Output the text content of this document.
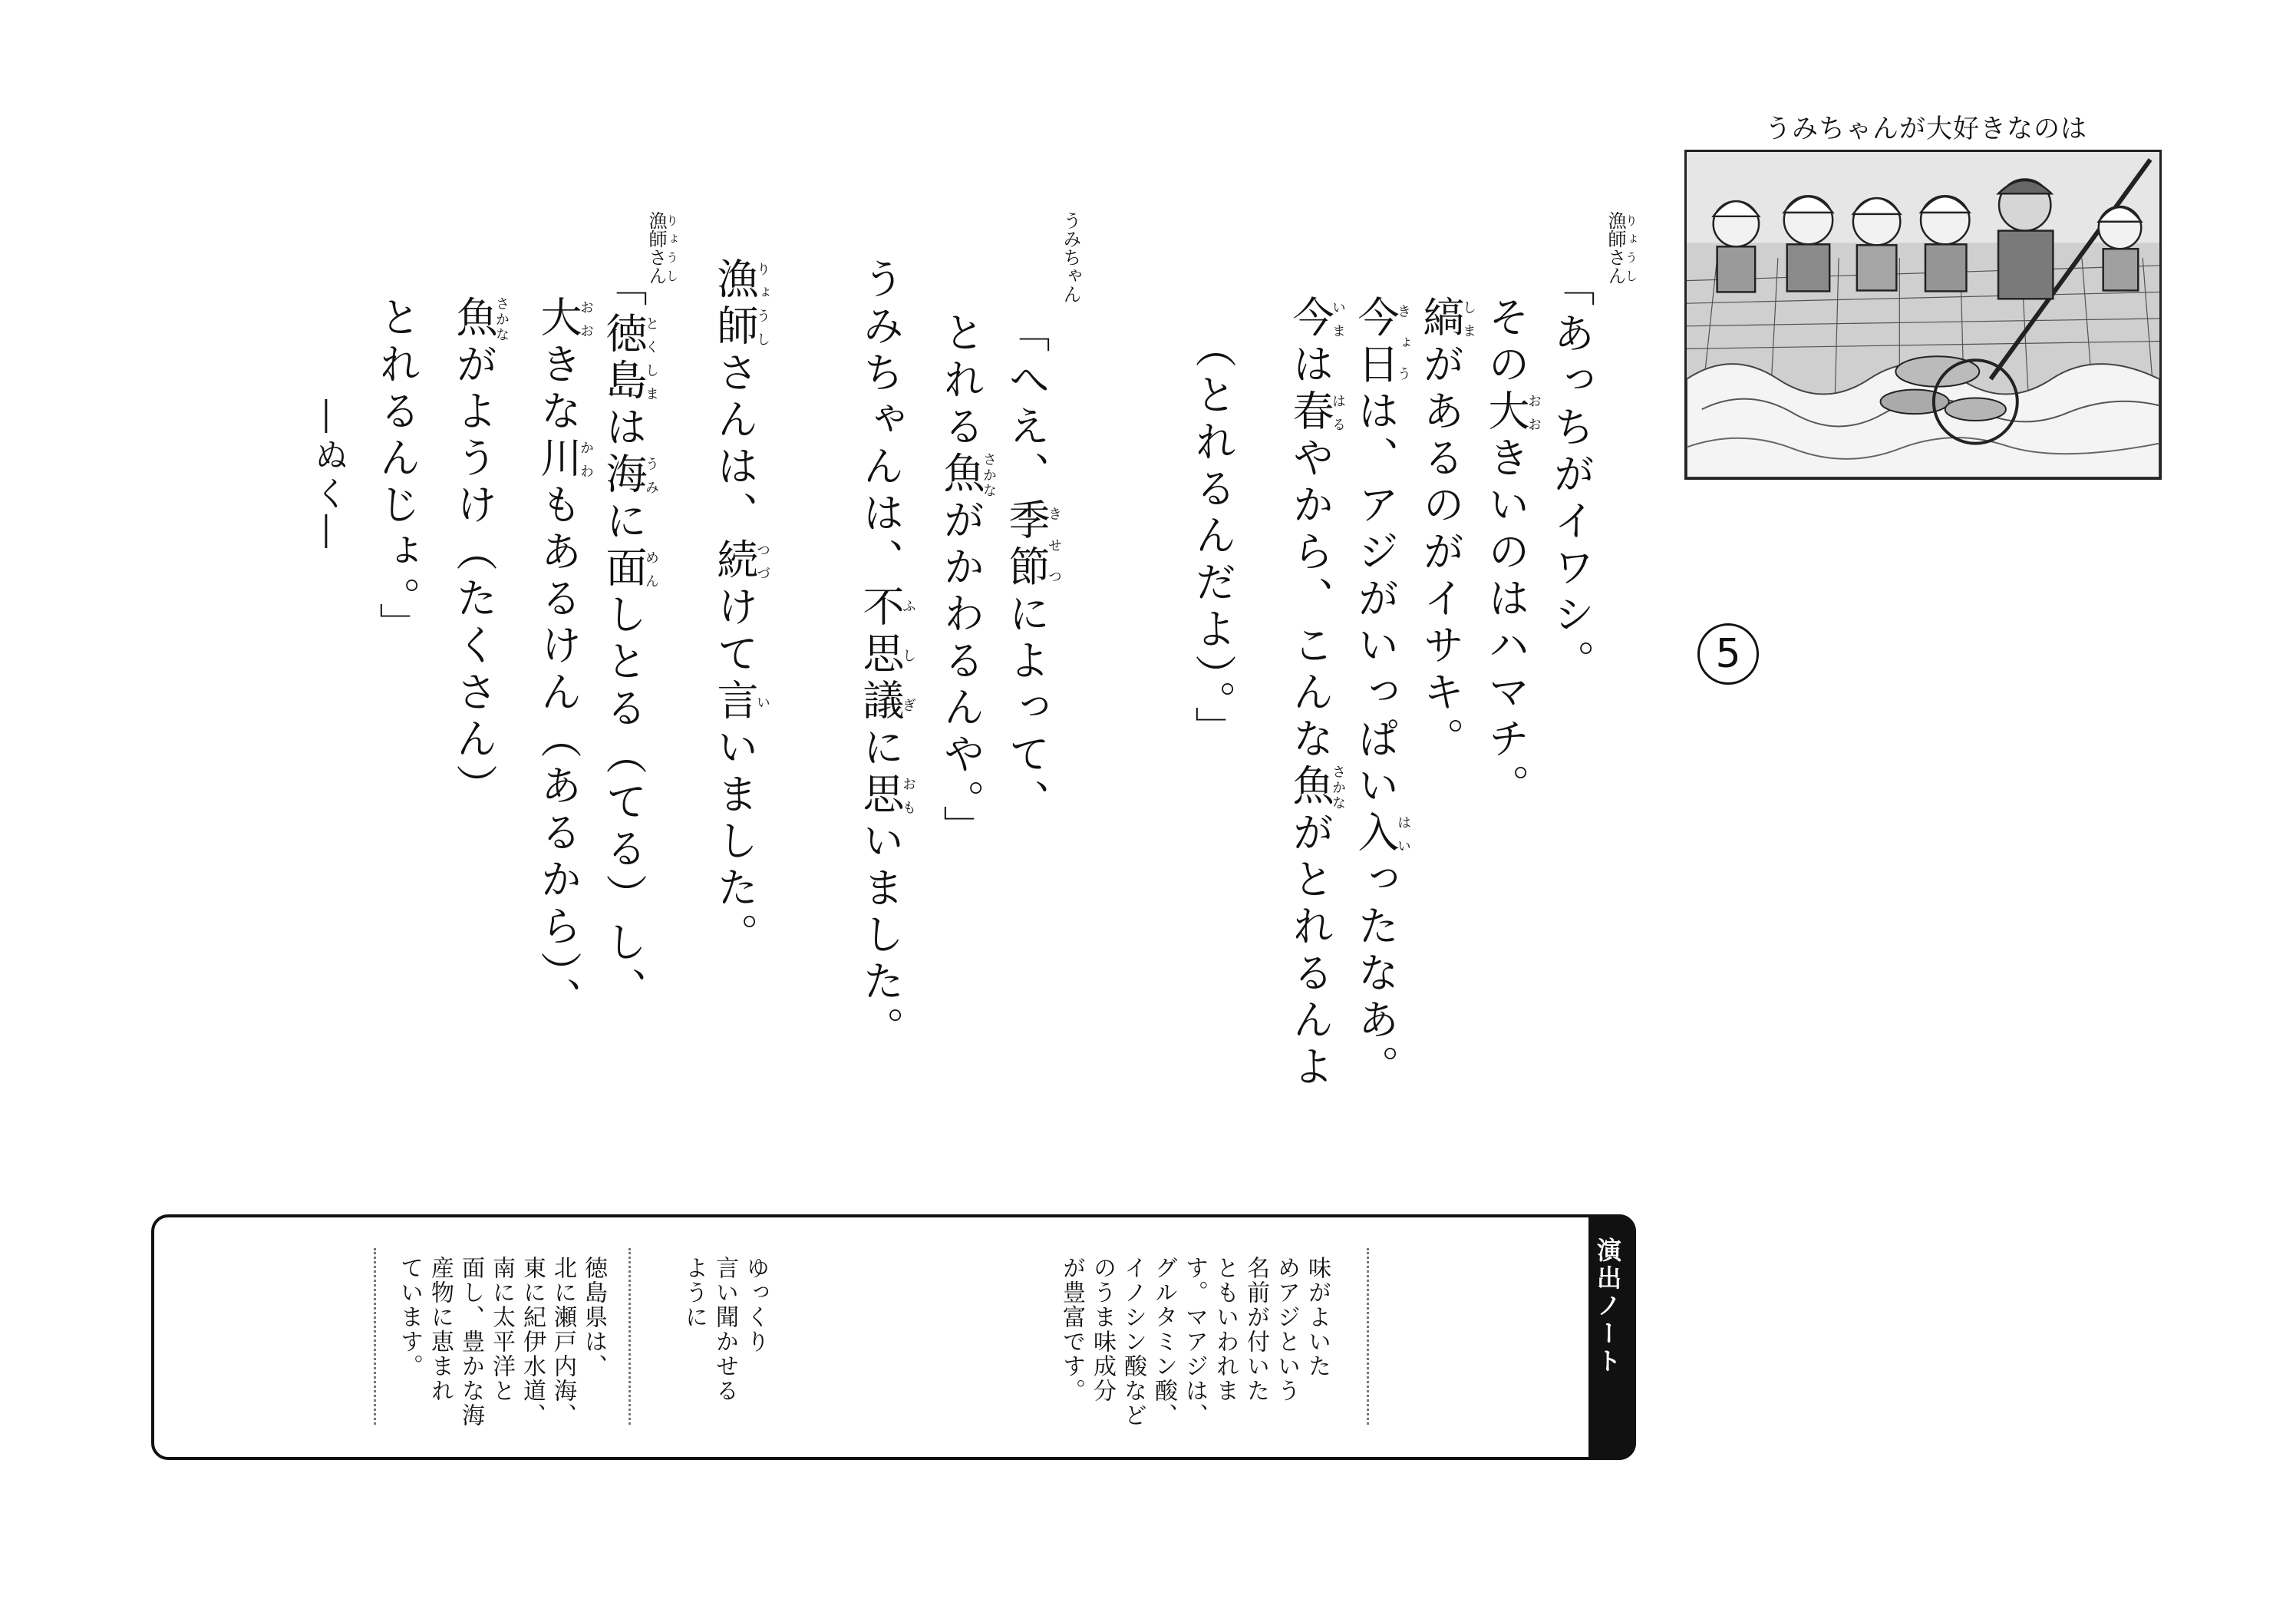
うみちゃんが大好きなのは
5
漁師さんりょうし
うみちゃん
漁師さんりょうし
「あっちがイワシ。
その大おおきいのはハマチ。
縞しまがあるのがイサキ。
今日きょうは、アジがいっぱい入はいったなあ。
今いまは春はるやから、こんな魚さかながとれるんよ
（とれるんだよ）。」
「へえ、季節きせつによって、
とれる魚さかながかわるんや。」
うみちゃんは、不思議ふしぎに思おもいました。
漁師りょうしさんは、続つづけて言いいました。
「徳島とくしまは海うみに面めんしとる（てる）し、
大おおきな川かわもあるけん（あるから）、
魚さかながようけ（たくさん）
とれるんじょ。」
―ぬく―
演出ノート
味がよいた
めアジという
名前が付いた
ともいわれま
す。マアジは、
グルタミン酸、
イノシン酸など
のうま味成分
が豊富です。
ゆっくり
言い聞かせる
ように
徳島県は、
北に瀬戸内海、
東に紀伊水道、
南に太平洋と
面し、豊かな海
産物に恵まれ
ています。
